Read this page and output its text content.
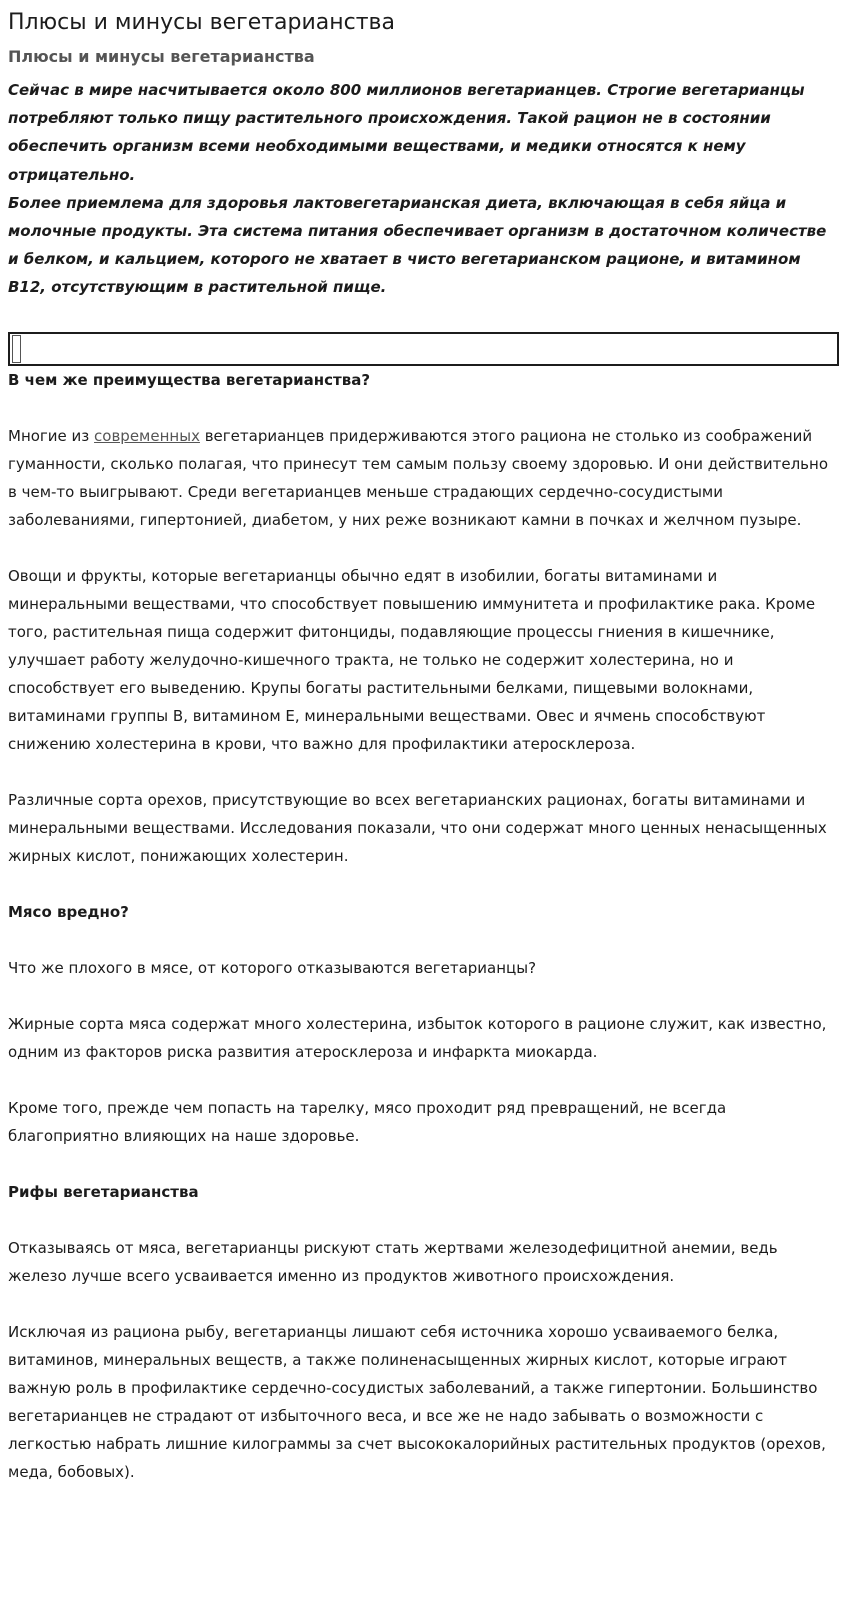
Плюсы и минусы вегетарианства
Плюсы и минусы вегетарианства

Сейчас в мире насчитывается около 800 миллионов вегетарианцев. Строгие вегетарианцы потребляют только пищу растительного происхождения. Такой рацион не в состоянии обеспечить организм всеми необходимыми веществами, и медики относятся к нему отрицательно.

Более приемлема для здоровья лактовегетарианская диета, включающая в себя яйца и молочные продукты. Эта система питания обеспечивает организм в достаточном количестве и белком, и кальцием, которого не хватает в чисто вегетарианском рационе, и витамином B12, отсутствующим в растительной пище.

В чем же преимущества вегетарианства?

Многие из современных вегетарианцев придерживаются этого рациона не столько из соображений гуманности, сколько полагая, что принесут тем самым пользу своему здоровью. И они действительно в чем-то выигрывают. Среди вегетарианцев меньше страдающих сердечно-сосудистыми заболеваниями, гипертонией, диабетом, у них реже возникают камни в почках и желчном пузыре.

Овощи и фрукты, которые вегетарианцы обычно едят в изобилии, богаты витаминами и минеральными веществами, что способствует повышению иммунитета и профилактике рака. Кроме того, растительная пища содержит фитонциды, подавляющие процессы гниения в кишечнике, улучшает работу желудочно-кишечного тракта, не только не содержит холестерина, но и способствует его выведению. Крупы богаты растительными белками, пищевыми волокнами, витаминами группы B, витамином E, минеральными веществами. Овес и ячмень способствуют снижению холестерина в крови, что важно для профилактики атеросклероза.

Различные сорта орехов, присутствующие во всех вегетарианских рационах, богаты витаминами и минеральными веществами. Исследования показали, что они содержат много ценных ненасыщенных жирных кислот, понижающих холестерин.

Мясо вредно?

Что же плохого в мясе, от которого отказываются вегетарианцы?

Жирные сорта мяса содержат много холестерина, избыток которого в рационе служит, как известно, одним из факторов риска развития атеросклероза и инфаркта миокарда.

Кроме того, прежде чем попасть на тарелку, мясо проходит ряд превращений, не всегда благоприятно влияющих на наше здоровье.

Рифы вегетарианства

Отказываясь от мяса, вегетарианцы рискуют стать жертвами железодефицитной анемии, ведь железо лучше всего усваивается именно из продуктов животного происхождения.

Исключая из рациона рыбу, вегетарианцы лишают себя источника хорошо усваиваемого белка, витаминов, минеральных веществ, а также полиненасыщенных жирных кислот, которые играют важную роль в профилактике сердечно-сосудистых заболеваний, а также гипертонии. Большинство вегетарианцев не страдают от избыточного веса, и все же не надо забывать о возможности с легкостью набрать лишние килограммы за счет высококалорийных растительных продуктов (орехов, меда, бобовых).
